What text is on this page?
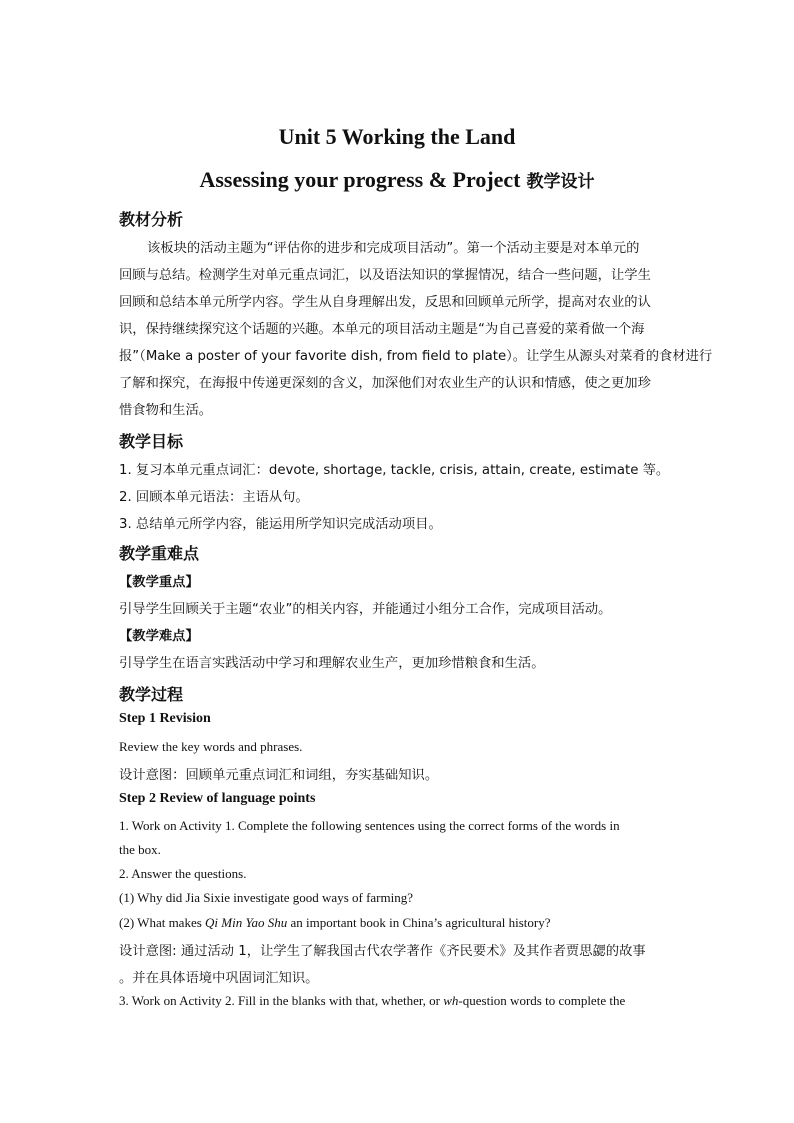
Unit 5 Working the Land
Assessing your progress & Project 教学设计
教材分析
该板块的活动主题为“评估你的进步和完成项目活动”。第一个活动主要是对本单元的
回顾与总结。检测学生对单元重点词汇，以及语法知识的掌握情况，结合一些问题，让学生
回顾和总结本单元所学内容。学生从自身理解出发，反思和回顾单元所学，提高对农业的认
识，保持继续探究这个话题的兴趣。本单元的项目活动主题是“为自己喜爱的菜肴做一个海
报”（Make a poster of your favorite dish, from field to plate）。让学生从源头对菜肴的食材进行
了解和探究，在海报中传递更深刻的含义，加深他们对农业生产的认识和情感，使之更加珍
惜食物和生活。
教学目标
1. 复习本单元重点词汇：devote, shortage, tackle, crisis, attain, create, estimate 等。
2. 回顾本单元语法：主语从句。
3. 总结单元所学内容，能运用所学知识完成活动项目。
教学重难点
【教学重点】
引导学生回顾关于主题“农业”的相关内容，并能通过小组分工合作，完成项目活动。
【教学难点】
引导学生在语言实践活动中学习和理解农业生产，更加珍惜粮食和生活。
教学过程
Step 1 Revision
Review the key words and phrases.
设计意图：回顾单元重点词汇和词组，夯实基础知识。
Step 2 Review of language points
1. Work on Activity 1. Complete the following sentences using the correct forms of the words in
the box.
2. Answer the questions.
(1) Why did Jia Sixie investigate good ways of farming?
(2) What makes Qi Min Yao Shu an important book in China’s agricultural history?
设计意图: 通过活动 1，让学生了解我国古代农学著作《齐民要术》及其作者贾思勰的故事
。并在具体语境中巩固词汇知识。
3. Work on Activity 2. Fill in the blanks with that, whether, or wh-question words to complete the
